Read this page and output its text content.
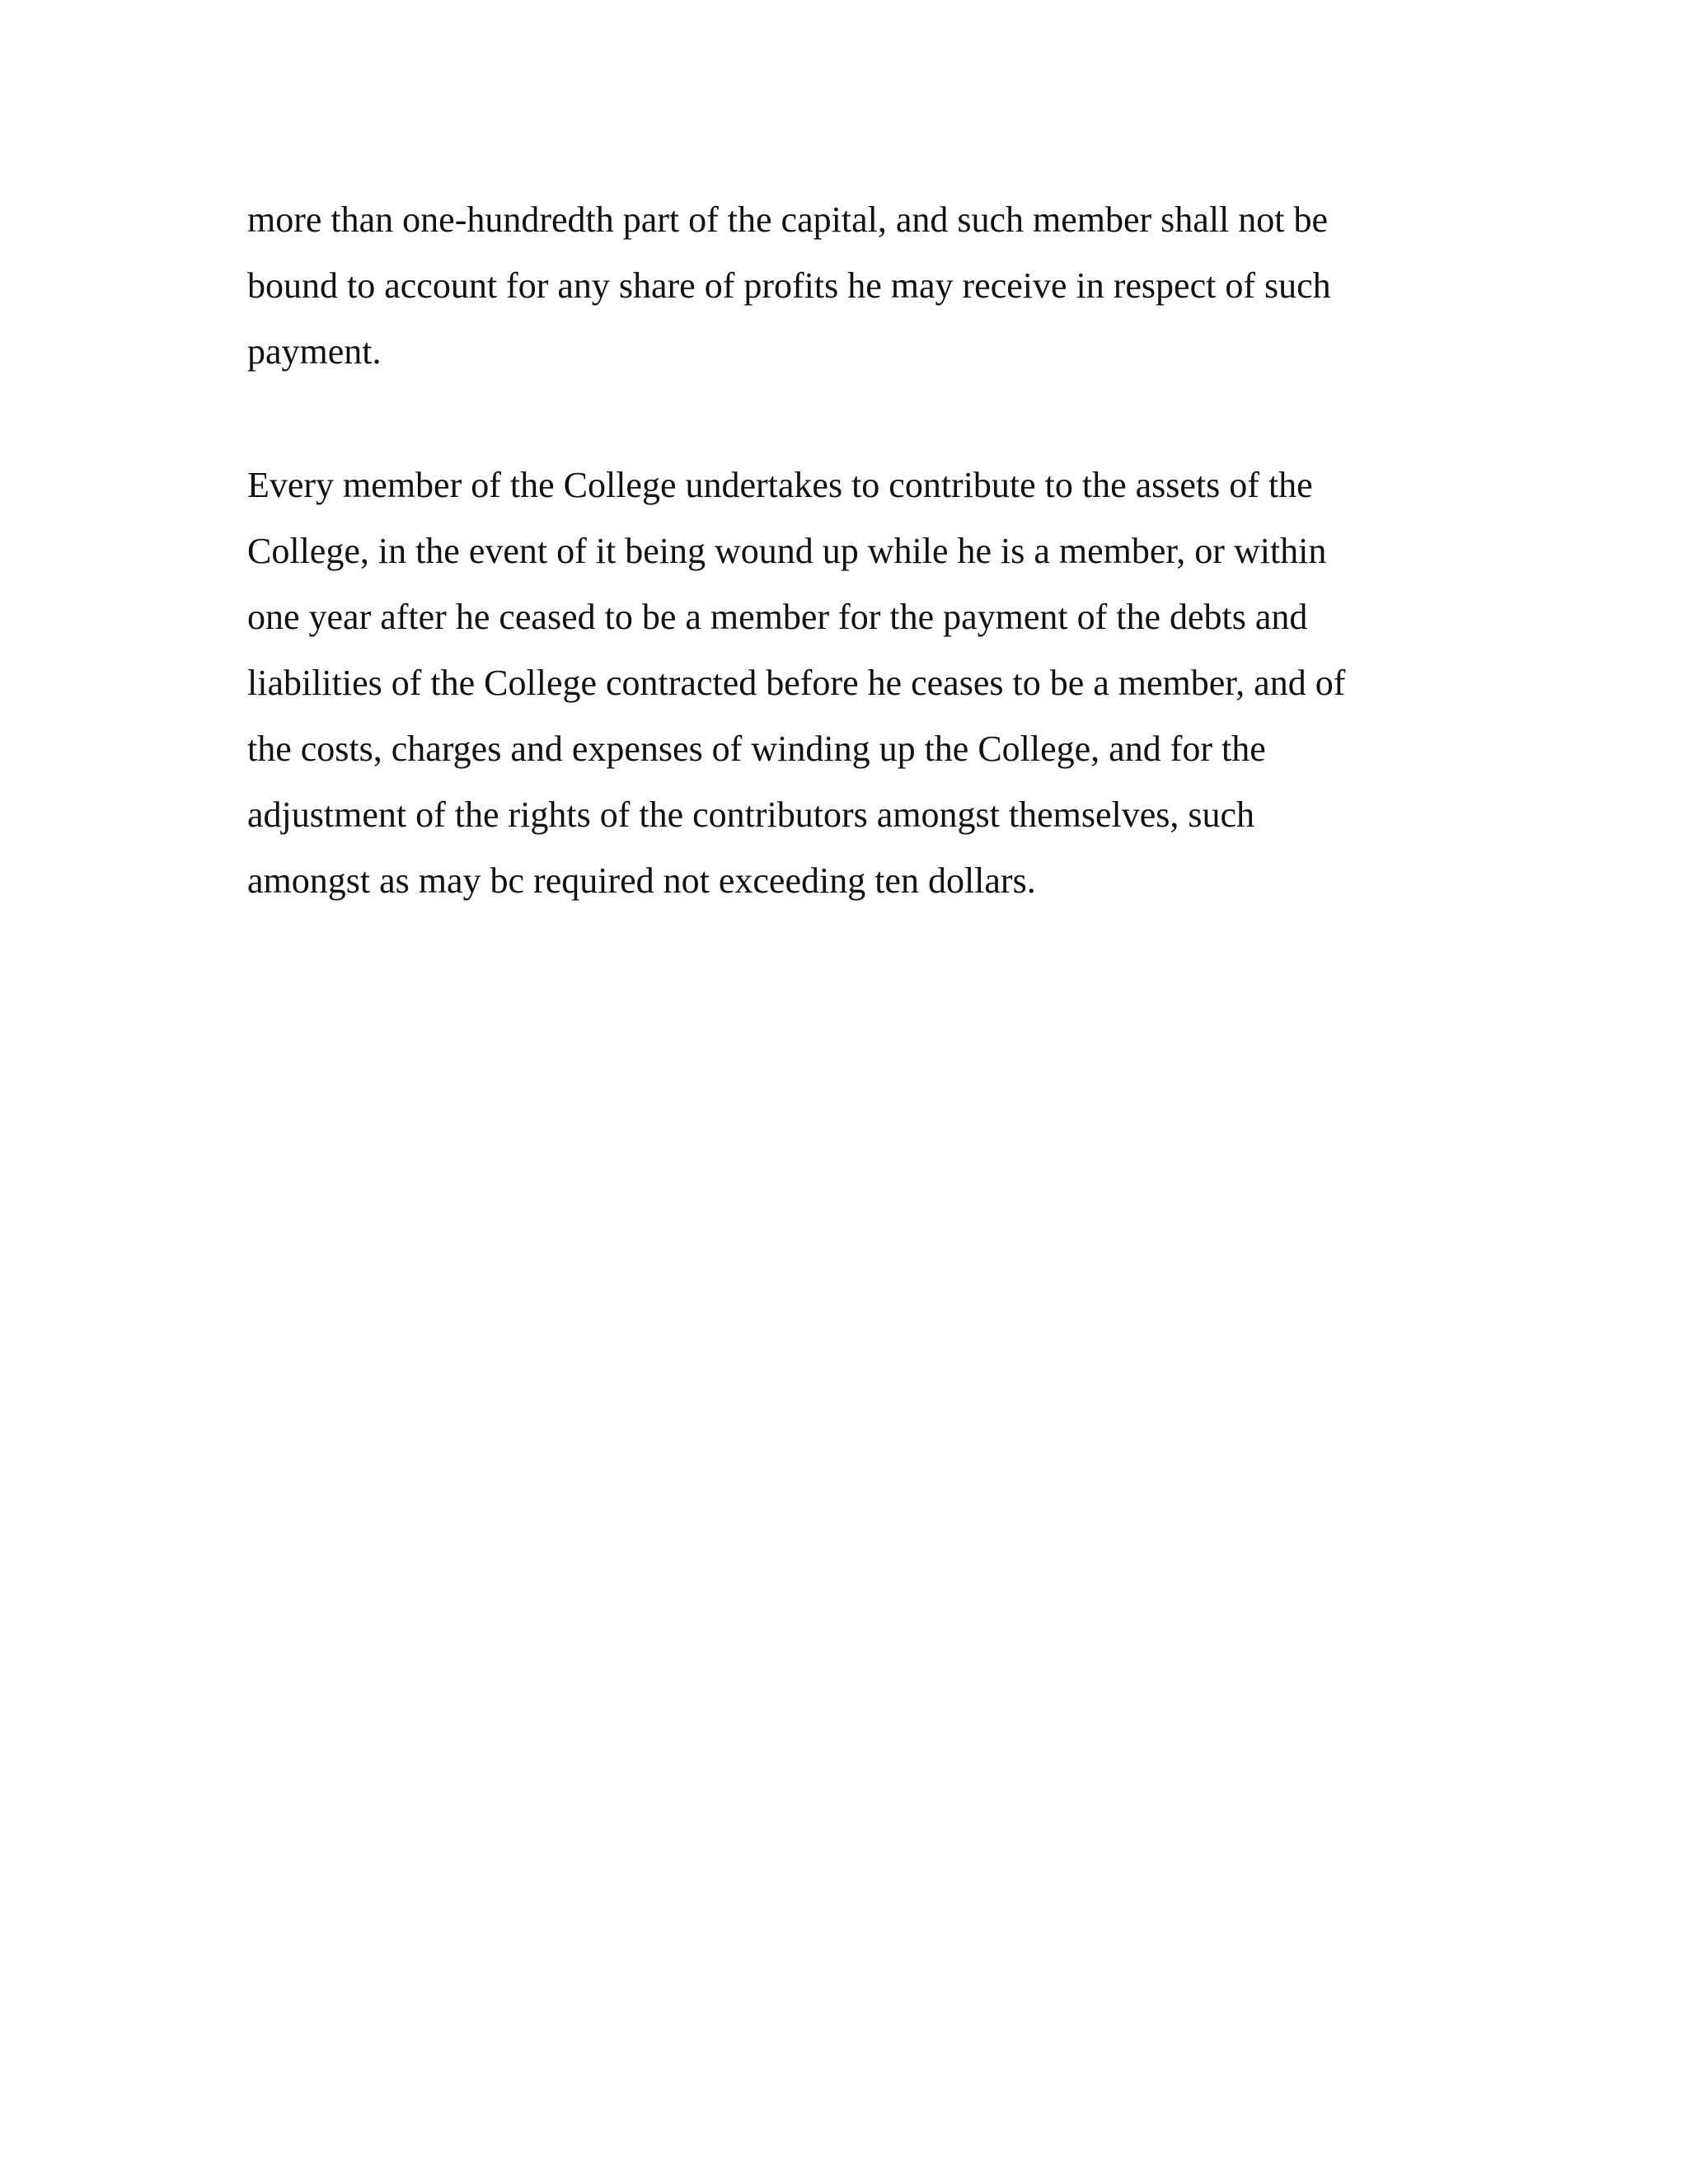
more than one-hundredth part of the capital, and such member shall not be
bound to account for any share of profits he may receive in respect of such
payment.
Every member of the College undertakes to contribute to the assets of the
College, in the event of it being wound up while he is a member, or within
one year after he ceased to be a member for the payment of the debts and
liabilities of the College contracted before he ceases to be a member, and of
the costs, charges and expenses of winding up the College, and for the
adjustment of the rights of the contributors amongst themselves, such
amongst as may bc required not exceeding ten dollars.
